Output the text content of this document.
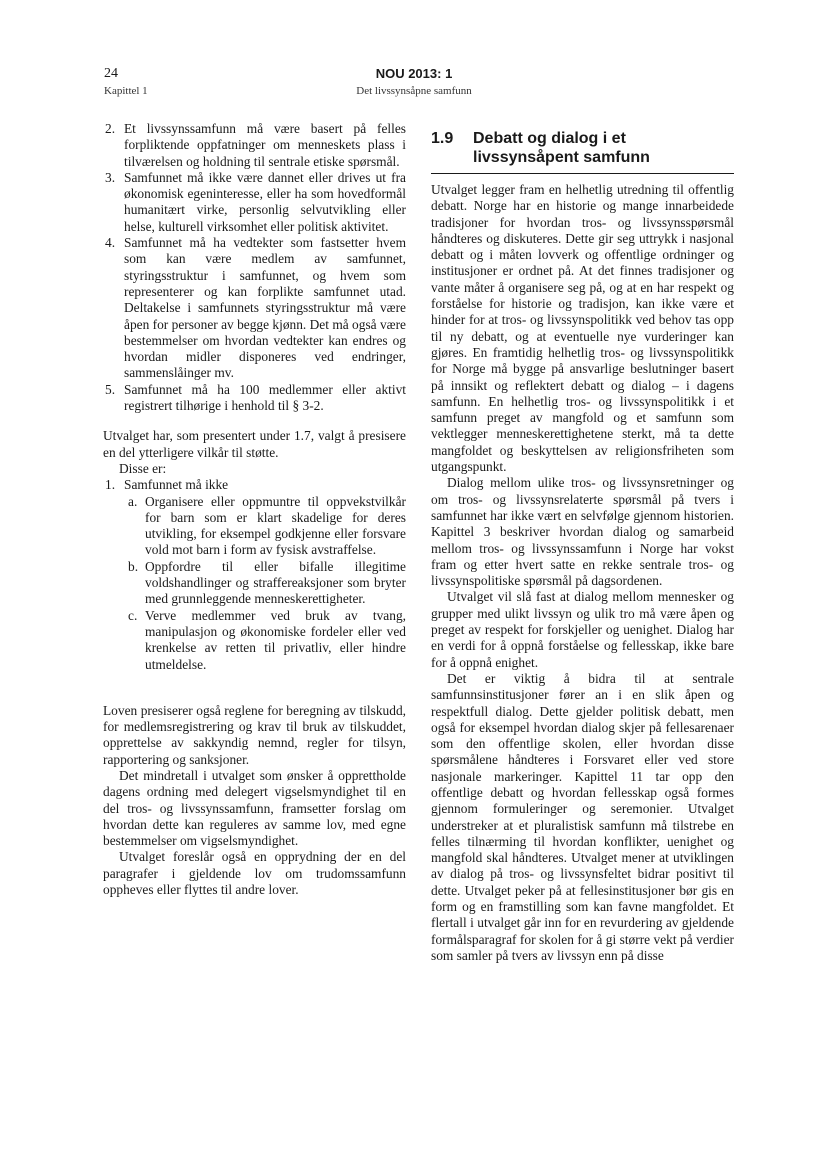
24
Kapittel 1
NOU 2013: 1
Det livssynsåpne samfunn
2. Et livssynssamfunn må være basert på felles forpliktende oppfatninger om menneskets plass i tilværelsen og holdning til sentrale etiske spørsmål.
3. Samfunnet må ikke være dannet eller drives ut fra økonomisk egeninteresse, eller ha som hovedformål humanitært virke, personlig selvutvikling eller helse, kulturell virksomhet eller politisk aktivitet.
4. Samfunnet må ha vedtekter som fastsetter hvem som kan være medlem av samfunnet, styringsstruktur i samfunnet, og hvem som representerer og kan forplikte samfunnet utad. Deltakelse i samfunnets styringsstruktur må være åpen for personer av begge kjønn. Det må også være bestemmelser om hvordan vedtekter kan endres og hvordan midler disponeres ved endringer, sammenslåinger mv.
5. Samfunnet må ha 100 medlemmer eller aktivt registrert tilhørige i henhold til § 3-2.

Utvalget har, som presentert under 1.7, valgt å presisere en del ytterligere vilkår til støtte.

Disse er:

1. Samfunnet må ikke
a. Organisere eller oppmuntre til oppvekstvilkår for barn som er klart skadelige for deres utvikling, for eksempel godkjenne eller forsvare vold mot barn i form av fysisk avstraffelse.
b. Oppfordre til eller bifalle illegitime voldshandlinger og straffereaksjoner som bryter med grunnleggende menneskerettigheter.
c. Verve medlemmer ved bruk av tvang, manipulasjon og økonomiske fordeler eller ved krenkelse av retten til privatliv, eller hindre utmeldelse.

Loven presiserer også reglene for beregning av tilskudd, for medlemsregistrering og krav til bruk av tilskuddet, opprettelse av sakkyndig nemnd, regler for tilsyn, rapportering og sanksjoner.

Det mindretall i utvalget som ønsker å opprettholde dagens ordning med delegert vigselsmyndighet til en del tros- og livssynssamfunn, framsetter forslag om hvordan dette kan reguleres av samme lov, med egne bestemmelser om vigselsmyndighet.

Utvalget foreslår også en opprydning der en del paragrafer i gjeldende lov om trudomssamfunn oppheves eller flyttes til andre lover.

1.9 Debatt og dialog i et livssynsåpent samfunn

Utvalget legger fram en helhetlig utredning til offentlig debatt. Norge har en historie og mange innarbeidede tradisjoner for hvordan tros- og livssynsspørsmål håndteres og diskuteres. Dette gir seg uttrykk i nasjonal debatt og i måten lovverk og offentlige ordninger og institusjoner er ordnet på. At det finnes tradisjoner og vante måter å organisere seg på, og at en har respekt og forståelse for historie og tradisjon, kan ikke være et hinder for at tros- og livssynspolitikk ved behov tas opp til ny debatt, og at eventuelle nye vurderinger kan gjøres. En framtidig helhetlig tros- og livssynspolitikk for Norge må bygge på ansvarlige beslutninger basert på innsikt og reflektert debatt og dialog – i dagens samfunn. En helhetlig tros- og livssynspolitikk i et samfunn preget av mangfold og et samfunn som vektlegger menneskerettighetene sterkt, må ta dette mangfoldet og beskyttelsen av religionsfriheten som utgangspunkt.

Dialog mellom ulike tros- og livssynsretninger og om tros- og livssynsrelaterte spørsmål på tvers i samfunnet har ikke vært en selvfølge gjennom historien. Kapittel 3 beskriver hvordan dialog og samarbeid mellom tros- og livssynssamfunn i Norge har vokst fram og etter hvert satte en rekke sentrale tros- og livssynspolitiske spørsmål på dagsordenen.

Utvalget vil slå fast at dialog mellom mennesker og grupper med ulikt livssyn og ulik tro må være åpen og preget av respekt for forskjeller og uenighet. Dialog har en verdi for å oppnå forståelse og fellesskap, ikke bare for å oppnå enighet.

Det er viktig å bidra til at sentrale samfunnsinstitusjoner fører an i en slik åpen og respektfull dialog. Dette gjelder politisk debatt, men også for eksempel hvordan dialog skjer på fellesarenaer som den offentlige skolen, eller hvordan disse spørsmålene håndteres i Forsvaret eller ved store nasjonale markeringer. Kapittel 11 tar opp den offentlige debatt og hvordan fellesskap også formes gjennom formuleringer og seremonier. Utvalget understreker at et pluralistisk samfunn må tilstrebe en felles tilnærming til hvordan konflikter, uenighet og mangfold skal håndteres. Utvalget mener at utviklingen av dialog på tros- og livssynsfeltet bidrar positivt til dette. Utvalget peker på at fellesinstitusjoner bør gis en form og en framstilling som kan favne mangfoldet. Et flertall i utvalget går inn for en revurdering av gjeldende formålsparagraf for skolen for å gi større vekt på verdier som samler på tvers av livssyn enn på disse
